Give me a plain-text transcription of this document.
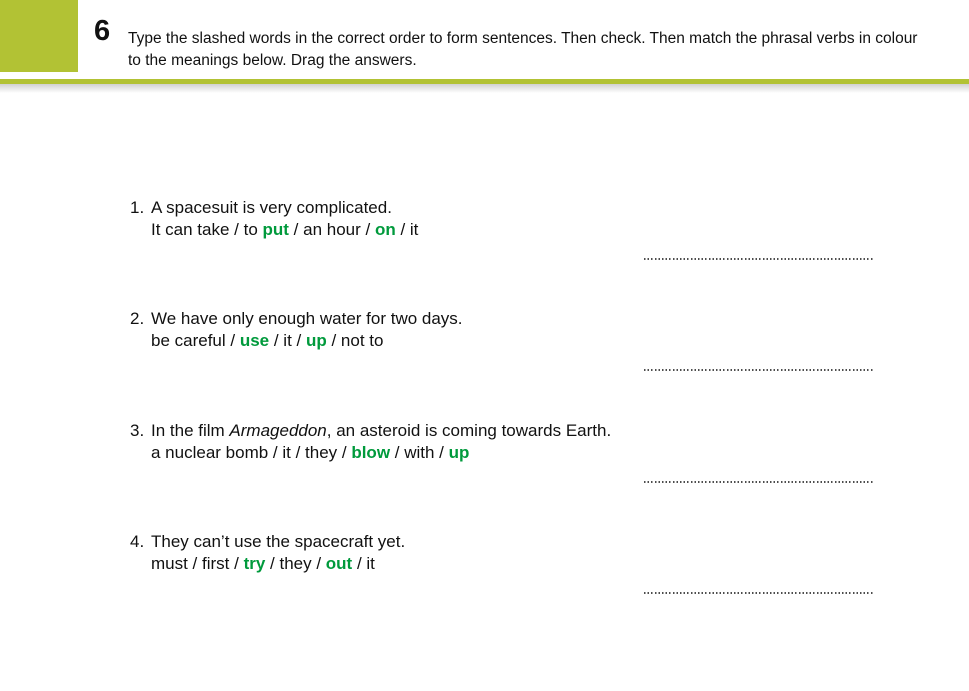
6 Type the slashed words in the correct order to form sentences. Then check. Then match the phrasal verbs in colour to the meanings below. Drag the answers.
1. A spacesuit is very complicated.
It can take / to put / an hour / on / it
2. We have only enough water for two days.
be careful / use / it / up / not to
3. In the film Armageddon, an asteroid is coming towards Earth.
a nuclear bomb / it / they / blow / with / up
4. They can’t use the spacecraft yet.
must / first / try / they / out / it
